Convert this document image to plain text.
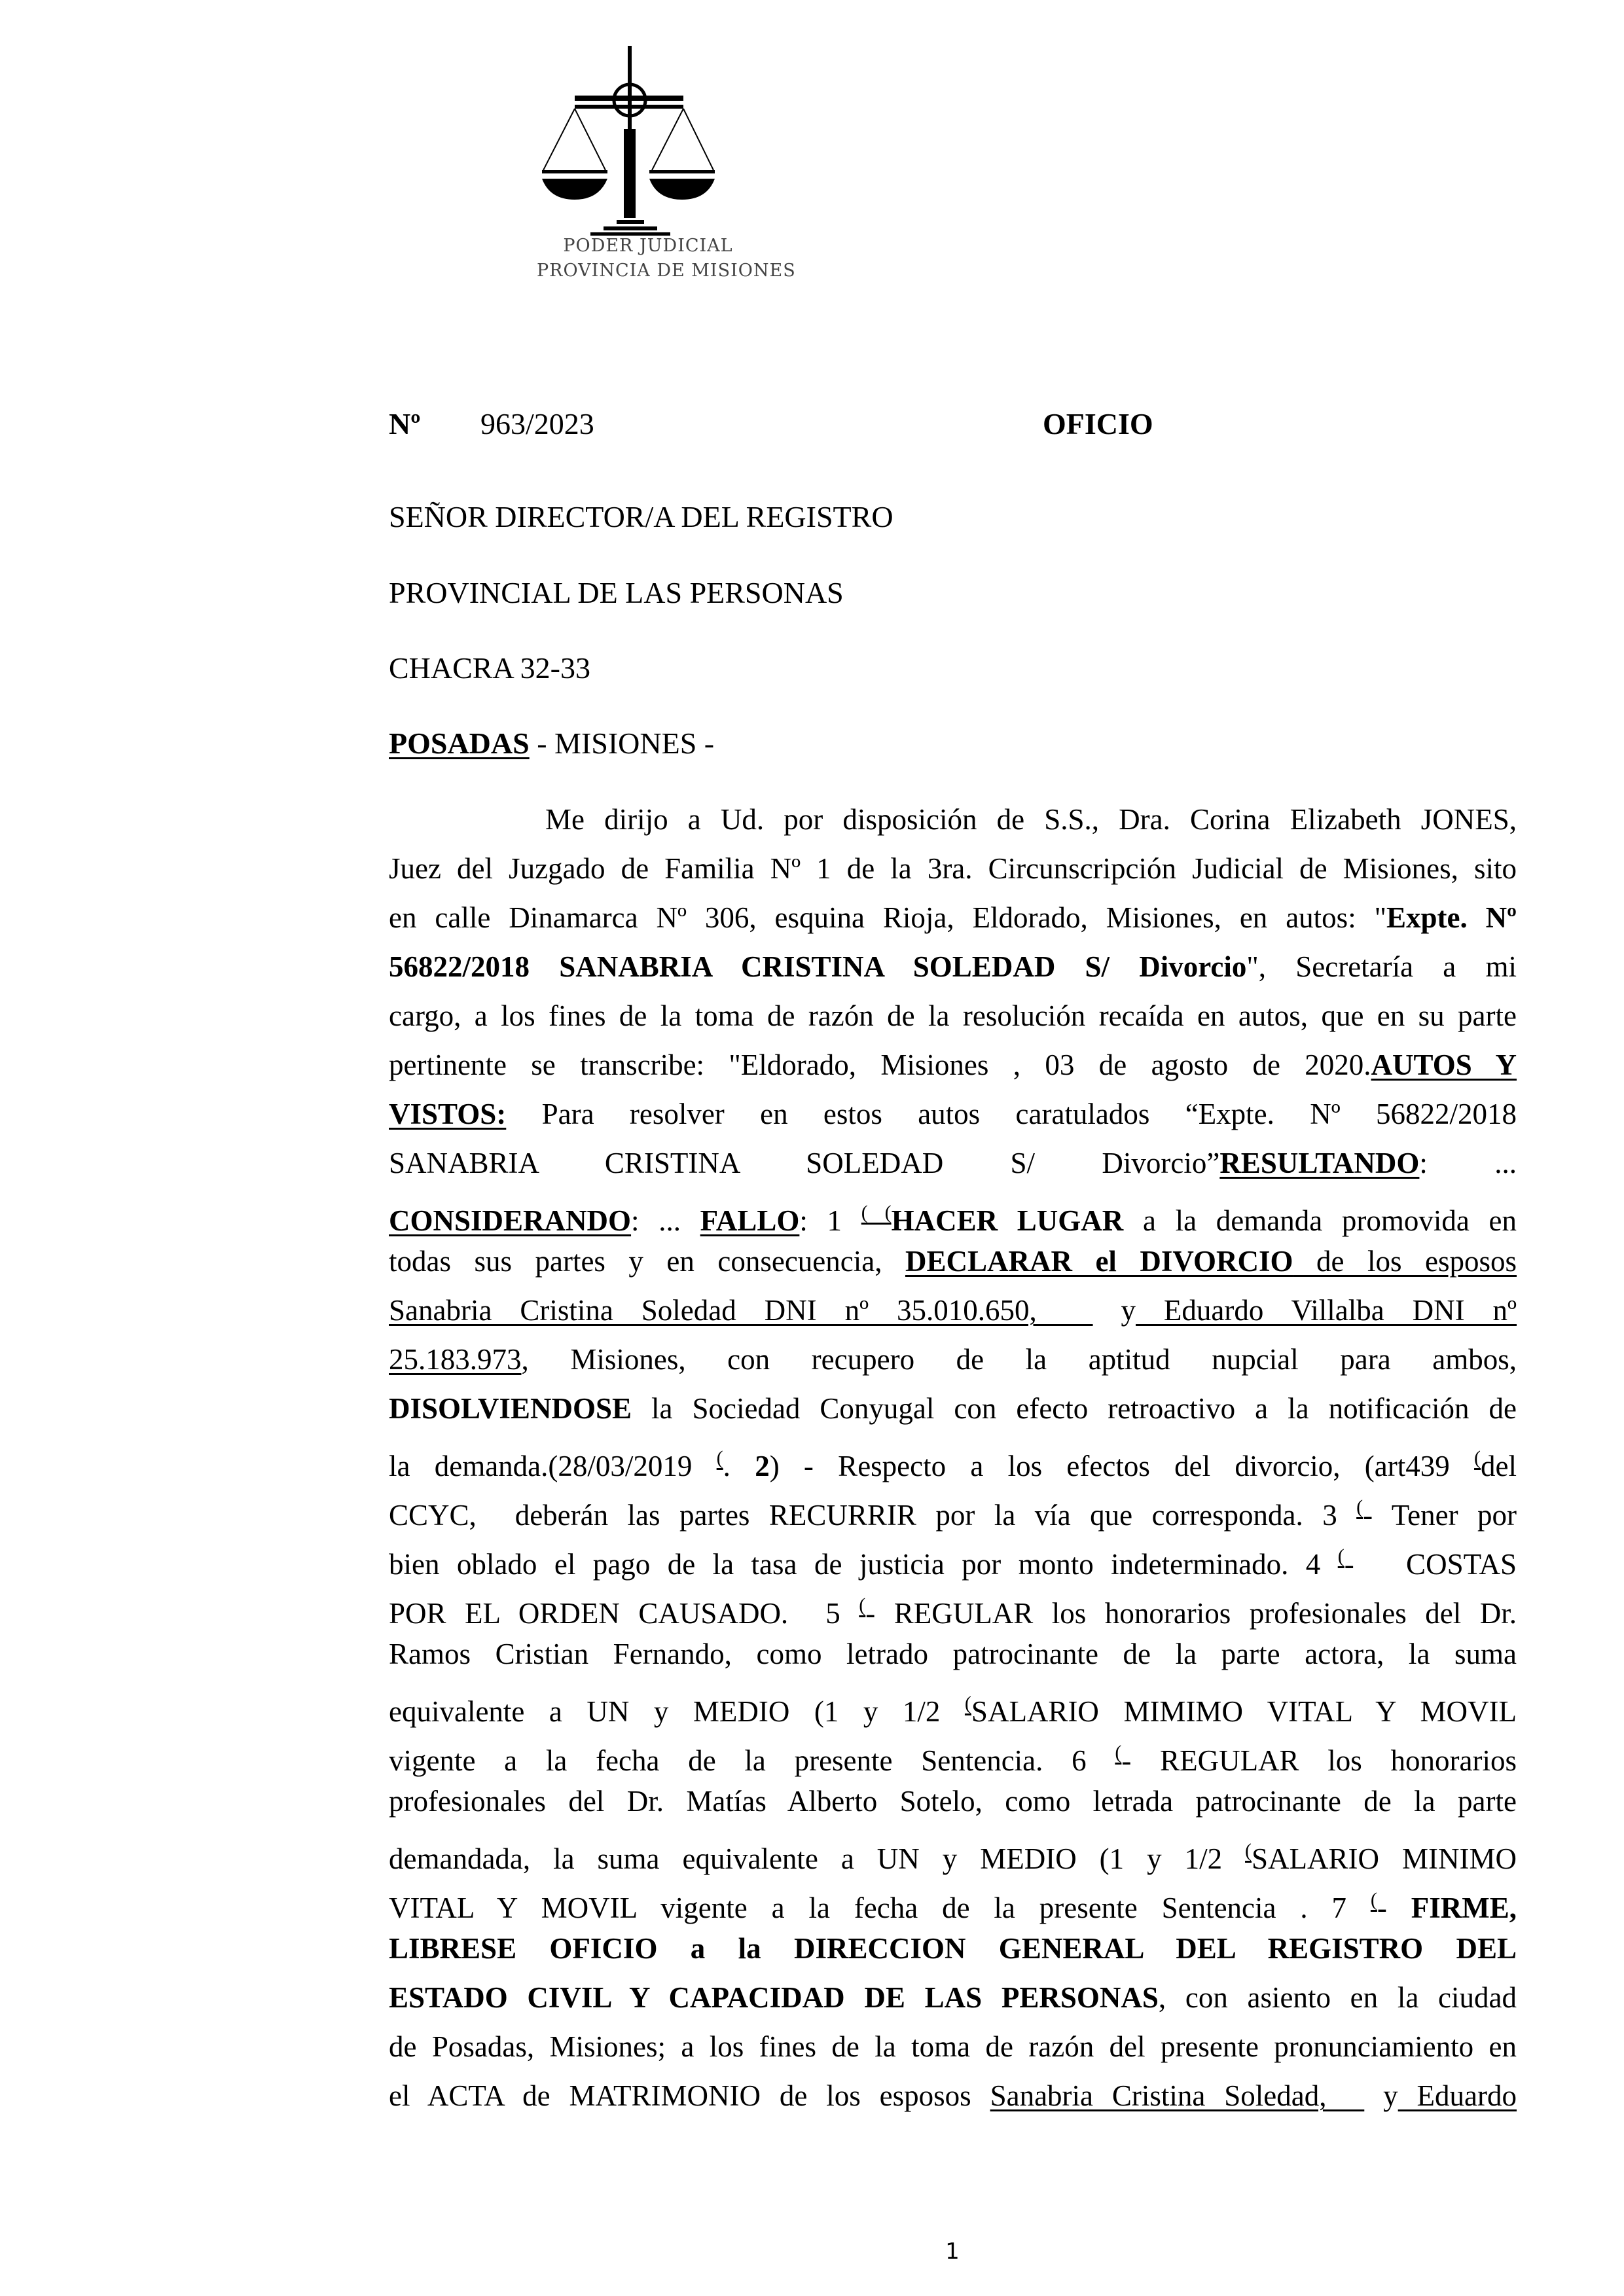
PODER JUDICIAL
PROVINCIA DE MISIONES
Nº 963/2023	OFICIO
SEÑOR DIRECTOR/A DEL REGISTRO
PROVINCIAL DE LAS PERSONAS
CHACRA 32-33
POSADAS - MISIONES -
Me dirijo a Ud. por disposición de S.S., Dra. Corina Elizabeth JONES,
Juez del Juzgado de Familia Nº 1 de la 3ra. Circunscripción Judicial de Misiones, sito
en calle Dinamarca Nº 306, esquina Rioja, Eldorado, Misiones, en autos: "Expte. Nº
56822/2018 SANABRIA CRISTINA SOLEDAD S/ Divorcio", Secretaría a mi
cargo, a los fines de la toma de razón de la resolución recaída en autos, que en su parte
pertinente se transcribe: "Eldorado, Misiones , 03 de agosto de 2020.AUTOS Y
VISTOS: Para resolver en estos autos caratulados “Expte. Nº 56822/2018
SANABRIA CRISTINA SOLEDAD S/ Divorcio”RESULTANDO: ...
CONSIDERANDO: ... FALLO: 1 ( (HACER LUGAR a la demanda promovida en
todas sus partes y en consecuencia, DECLARAR el DIVORCIO de los esposos
Sanabria Cristina Soledad DNI nº 35.010.650,   y Eduardo Villalba DNI nº
25.183.973, Misiones, con recupero de la aptitud nupcial para ambos,
DISOLVIENDOSE la Sociedad Conyugal con efecto retroactivo a la notificación de
la demanda.(28/03/2019 (. 2) - Respecto a los efectos del divorcio, (art439 (del
CCYC,  deberán las partes RECURRIR por la vía que corresponda. 3 (- Tener por
bien oblado el pago de la tasa de justicia por monto indeterminado. 4 (-   COSTAS
POR EL ORDEN CAUSADO.  5 (- REGULAR los honorarios profesionales del Dr.
Ramos Cristian Fernando, como letrado patrocinante de la parte actora, la suma
equivalente a UN y MEDIO (1 y 1/2 (SALARIO MIMIMO VITAL Y MOVIL
vigente a la fecha de la presente Sentencia. 6 (- REGULAR los honorarios
profesionales del Dr. Matías Alberto Sotelo, como letrada patrocinante de la parte
demandada, la suma equivalente a UN y MEDIO (1 y 1/2 (SALARIO MINIMO
VITAL Y MOVIL vigente a la fecha de la presente Sentencia . 7 (- FIRME,
LIBRESE OFICIO a la DIRECCION GENERAL DEL REGISTRO DEL
ESTADO CIVIL Y CAPACIDAD DE LAS PERSONAS, con asiento en la ciudad
de Posadas, Misiones; a los fines de la toma de razón del presente pronunciamiento en
el ACTA de MATRIMONIO de los esposos Sanabria Cristina Soledad,   y Eduardo
1
